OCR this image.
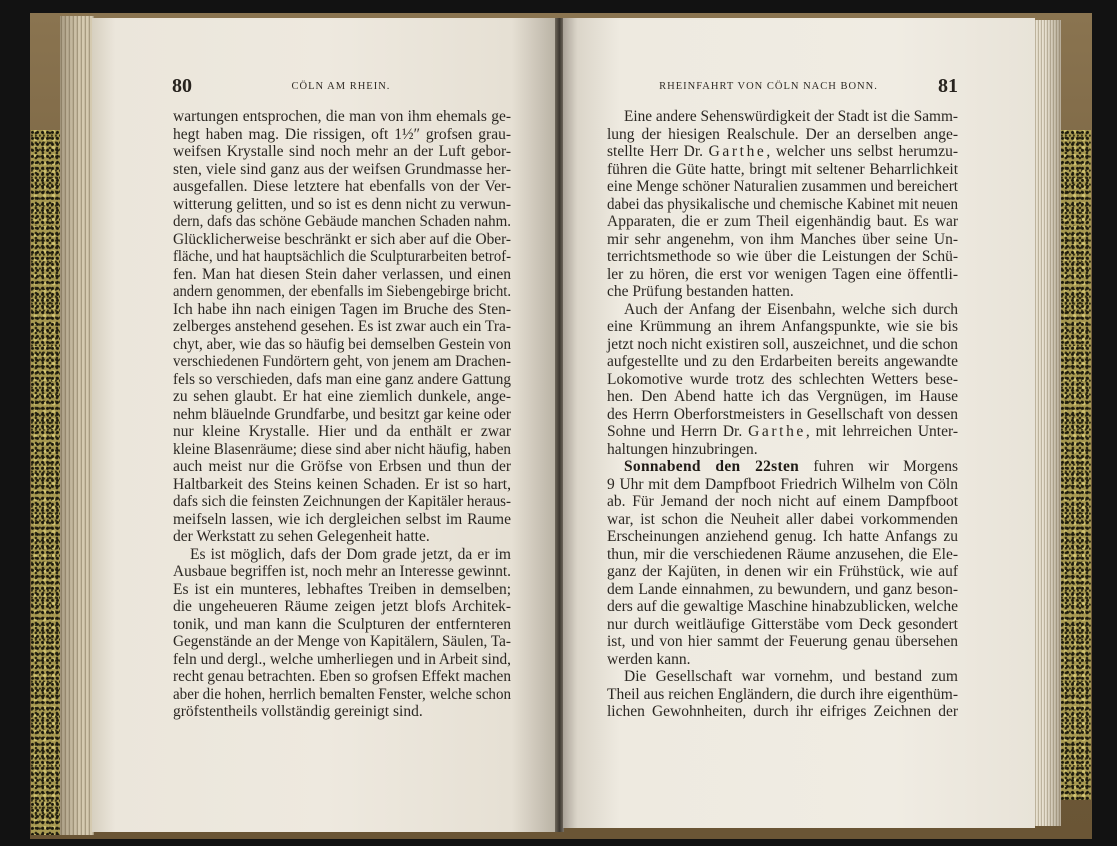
80	CÖLN AM RHEIN.
wartungen entsprochen, die man von ihm ehemals ge-
hegt haben mag. Die rissigen, oft 1½″ grofsen grau-
weifsen Krystalle sind noch mehr an der Luft gebor-
sten, viele sind ganz aus der weifsen Grundmasse her-
ausgefallen. Diese letztere hat ebenfalls von der Ver-
witterung gelitten, und so ist es denn nicht zu verwun-
dern, dafs das schöne Gebäude manchen Schaden nahm.
Glücklicherweise beschränkt er sich aber auf die Ober-
fläche, und hat hauptsächlich die Sculpturarbeiten betrof-
fen. Man hat diesen Stein daher verlassen, und einen
andern genommen, der ebenfalls im Siebengebirge bricht.
Ich habe ihn nach einigen Tagen im Bruche des Sten-
zelberges anstehend gesehen. Es ist zwar auch ein Tra-
chyt, aber, wie das so häufig bei demselben Gestein von
verschiedenen Fundörtern geht, von jenem am Drachen-
fels so verschieden, dafs man eine ganz andere Gattung
zu sehen glaubt. Er hat eine ziemlich dunkele, ange-
nehm bläuelnde Grundfarbe, und besitzt gar keine oder
nur kleine Krystalle. Hier und da enthält er zwar
kleine Blasenräume; diese sind aber nicht häufig, haben
auch meist nur die Gröfse von Erbsen und thun der
Haltbarkeit des Steins keinen Schaden. Er ist so hart,
dafs sich die feinsten Zeichnungen der Kapitäler heraus-
meifseln lassen, wie ich dergleichen selbst im Raume
der Werkstatt zu sehen Gelegenheit hatte.
Es ist möglich, dafs der Dom grade jetzt, da er im
Ausbaue begriffen ist, noch mehr an Interesse gewinnt.
Es ist ein munteres, lebhaftes Treiben in demselben;
die ungeheueren Räume zeigen jetzt blofs Architek-
tonik, und man kann die Sculpturen der entfernteren
Gegenstände an der Menge von Kapitälern, Säulen, Ta-
feln und dergl., welche umherliegen und in Arbeit sind,
recht genau betrachten. Eben so grofsen Effekt machen
aber die hohen, herrlich bemalten Fenster, welche schon
gröfstentheils vollständig gereinigt sind.
RHEINFAHRT VON CÖLN NACH BONN.	81
Eine andere Sehenswürdigkeit der Stadt ist die Samm-
lung der hiesigen Realschule. Der an derselben ange-
stellte Herr Dr. Garthe, welcher uns selbst herumzu-
führen die Güte hatte, bringt mit seltener Beharrlichkeit
eine Menge schöner Naturalien zusammen und bereichert
dabei das physikalische und chemische Kabinet mit neuen
Apparaten, die er zum Theil eigenhändig baut. Es war
mir sehr angenehm, von ihm Manches über seine Un-
terrichtsmethode so wie über die Leistungen der Schü-
ler zu hören, die erst vor wenigen Tagen eine öffentli-
che Prüfung bestanden hatten.
Auch der Anfang der Eisenbahn, welche sich durch
eine Krümmung an ihrem Anfangspunkte, wie sie bis
jetzt noch nicht existiren soll, auszeichnet, und die schon
aufgestellte und zu den Erdarbeiten bereits angewandte
Lokomotive wurde trotz des schlechten Wetters bese-
hen. Den Abend hatte ich das Vergnügen, im Hause
des Herrn Oberforstmeisters in Gesellschaft von dessen
Sohne und Herrn Dr. Garthe, mit lehrreichen Unter-
haltungen hinzubringen.
Sonnabend den 22sten fuhren wir Morgens
9 Uhr mit dem Dampfboot Friedrich Wilhelm von Cöln
ab. Für Jemand der noch nicht auf einem Dampfboot
war, ist schon die Neuheit aller dabei vorkommenden
Erscheinungen anziehend genug. Ich hatte Anfangs zu
thun, mir die verschiedenen Räume anzusehen, die Ele-
ganz der Kajüten, in denen wir ein Frühstück, wie auf
dem Lande einnahmen, zu bewundern, und ganz beson-
ders auf die gewaltige Maschine hinabzublicken, welche
nur durch weitläufige Gitterstäbe vom Deck gesondert
ist, und von hier sammt der Feuerung genau übersehen
werden kann.
Die Gesellschaft war vornehm, und bestand zum
Theil aus reichen Engländern, die durch ihre eigenthüm-
lichen Gewohnheiten, durch ihr eifriges Zeichnen der
